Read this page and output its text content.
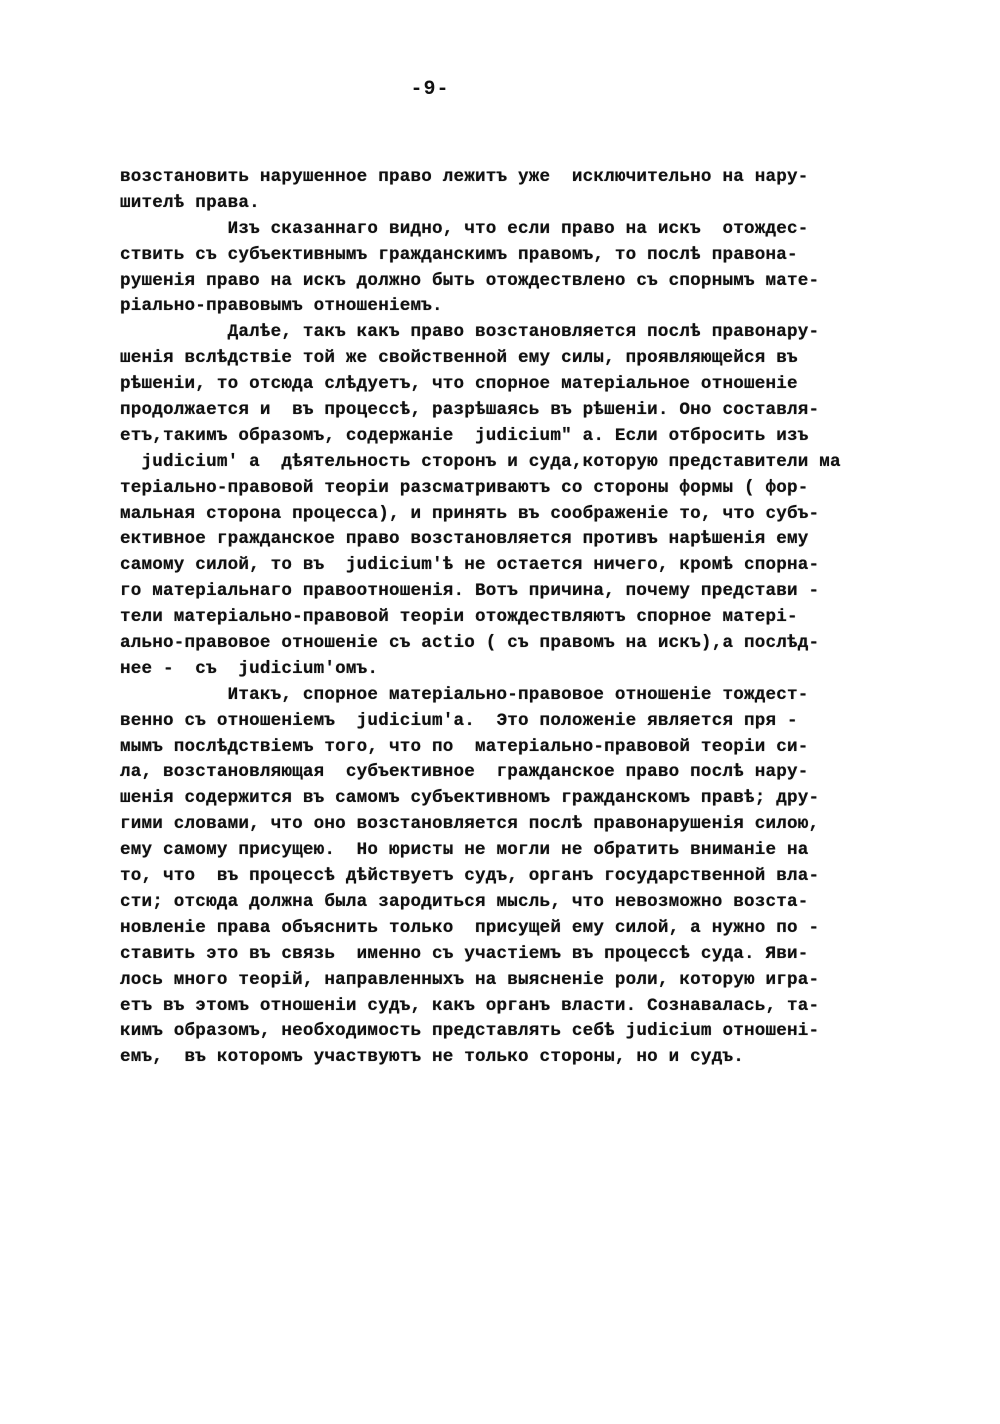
-9-
возстановить нарушенное право лежитъ уже  исключительно на нару-
шителѣ права.
Изъ сказаннаго видно, что если право на искъ  отождес-
ствить съ субъективнымъ гражданскимъ правомъ, то послѣ правона-
рушенія право на искъ должно быть отождествлено съ спорнымъ мате-
ріально-правовымъ отношеніемъ.
Далѣе, такъ какъ право возстановляется послѣ правонару-
шенія вслѣдствіе той же свойственной ему силы, проявляющейся въ
рѣшеніи, то отсюда слѣдуетъ, что спорное матеріальное отношеніе
продолжается и  въ процессѣ, разрѣшаясь въ рѣшеніи. Оно составля-
етъ,такимъ образомъ, содержаніе  judicium" а. Если отбросить изъ
judicium' а  дѣятельность сторонъ и суда,которую представители ма
теріально-правовой теоріи разсматриваютъ со стороны формы ( фор-
мальная сторона процесса), и принять въ соображеніе то, что субъ-
ективное гражданское право возстановляется противъ нарѣшенія ему
самому силой, то въ  judicium'ѣ не остается ничего, кромѣ спорна-
го матеріальнаго правоотношенія. Вотъ причина, почему представи -
тели матеріально-правовой теоріи отождествляютъ спорное матері-
ально-правовое отношеніе съ actio ( съ правомъ на искъ),а послѣд-
нее -  съ  judicium'омъ.
Итакъ, спорное матеріально-правовое отношеніе тождест-
венно съ отношеніемъ  judicium'а.  Это положеніе является пря -
мымъ послѣдствіемъ того, что по  матеріально-правовой теоріи си-
ла, возстановляющая  субъективное  гражданское право послѣ нару-
шенія содержится въ самомъ субъективномъ гражданскомъ правѣ; дру-
гими словами, что оно возстановляется послѣ правонарушенія силою,
ему самому присущею.  Но юристы не могли не обратить вниманіе на
то, что  въ процессѣ дѣйствуетъ судъ, органъ государственной вла-
сти; отсюда должна была зародиться мысль, что невозможно возста-
новленіе права объяснить только  присущей ему силой, а нужно по -
ставить это въ связь  именно съ участіемъ въ процессѣ суда. Яви-
лось много теорій, направленныхъ на выясненіе роли, которую игра-
етъ въ этомъ отношеніи судъ, какъ органъ власти. Сознавалась, та-
кимъ образомъ, необходимость представлять себѣ judicium отношені-
емъ,  въ которомъ участвуютъ не только стороны, но и судъ.
